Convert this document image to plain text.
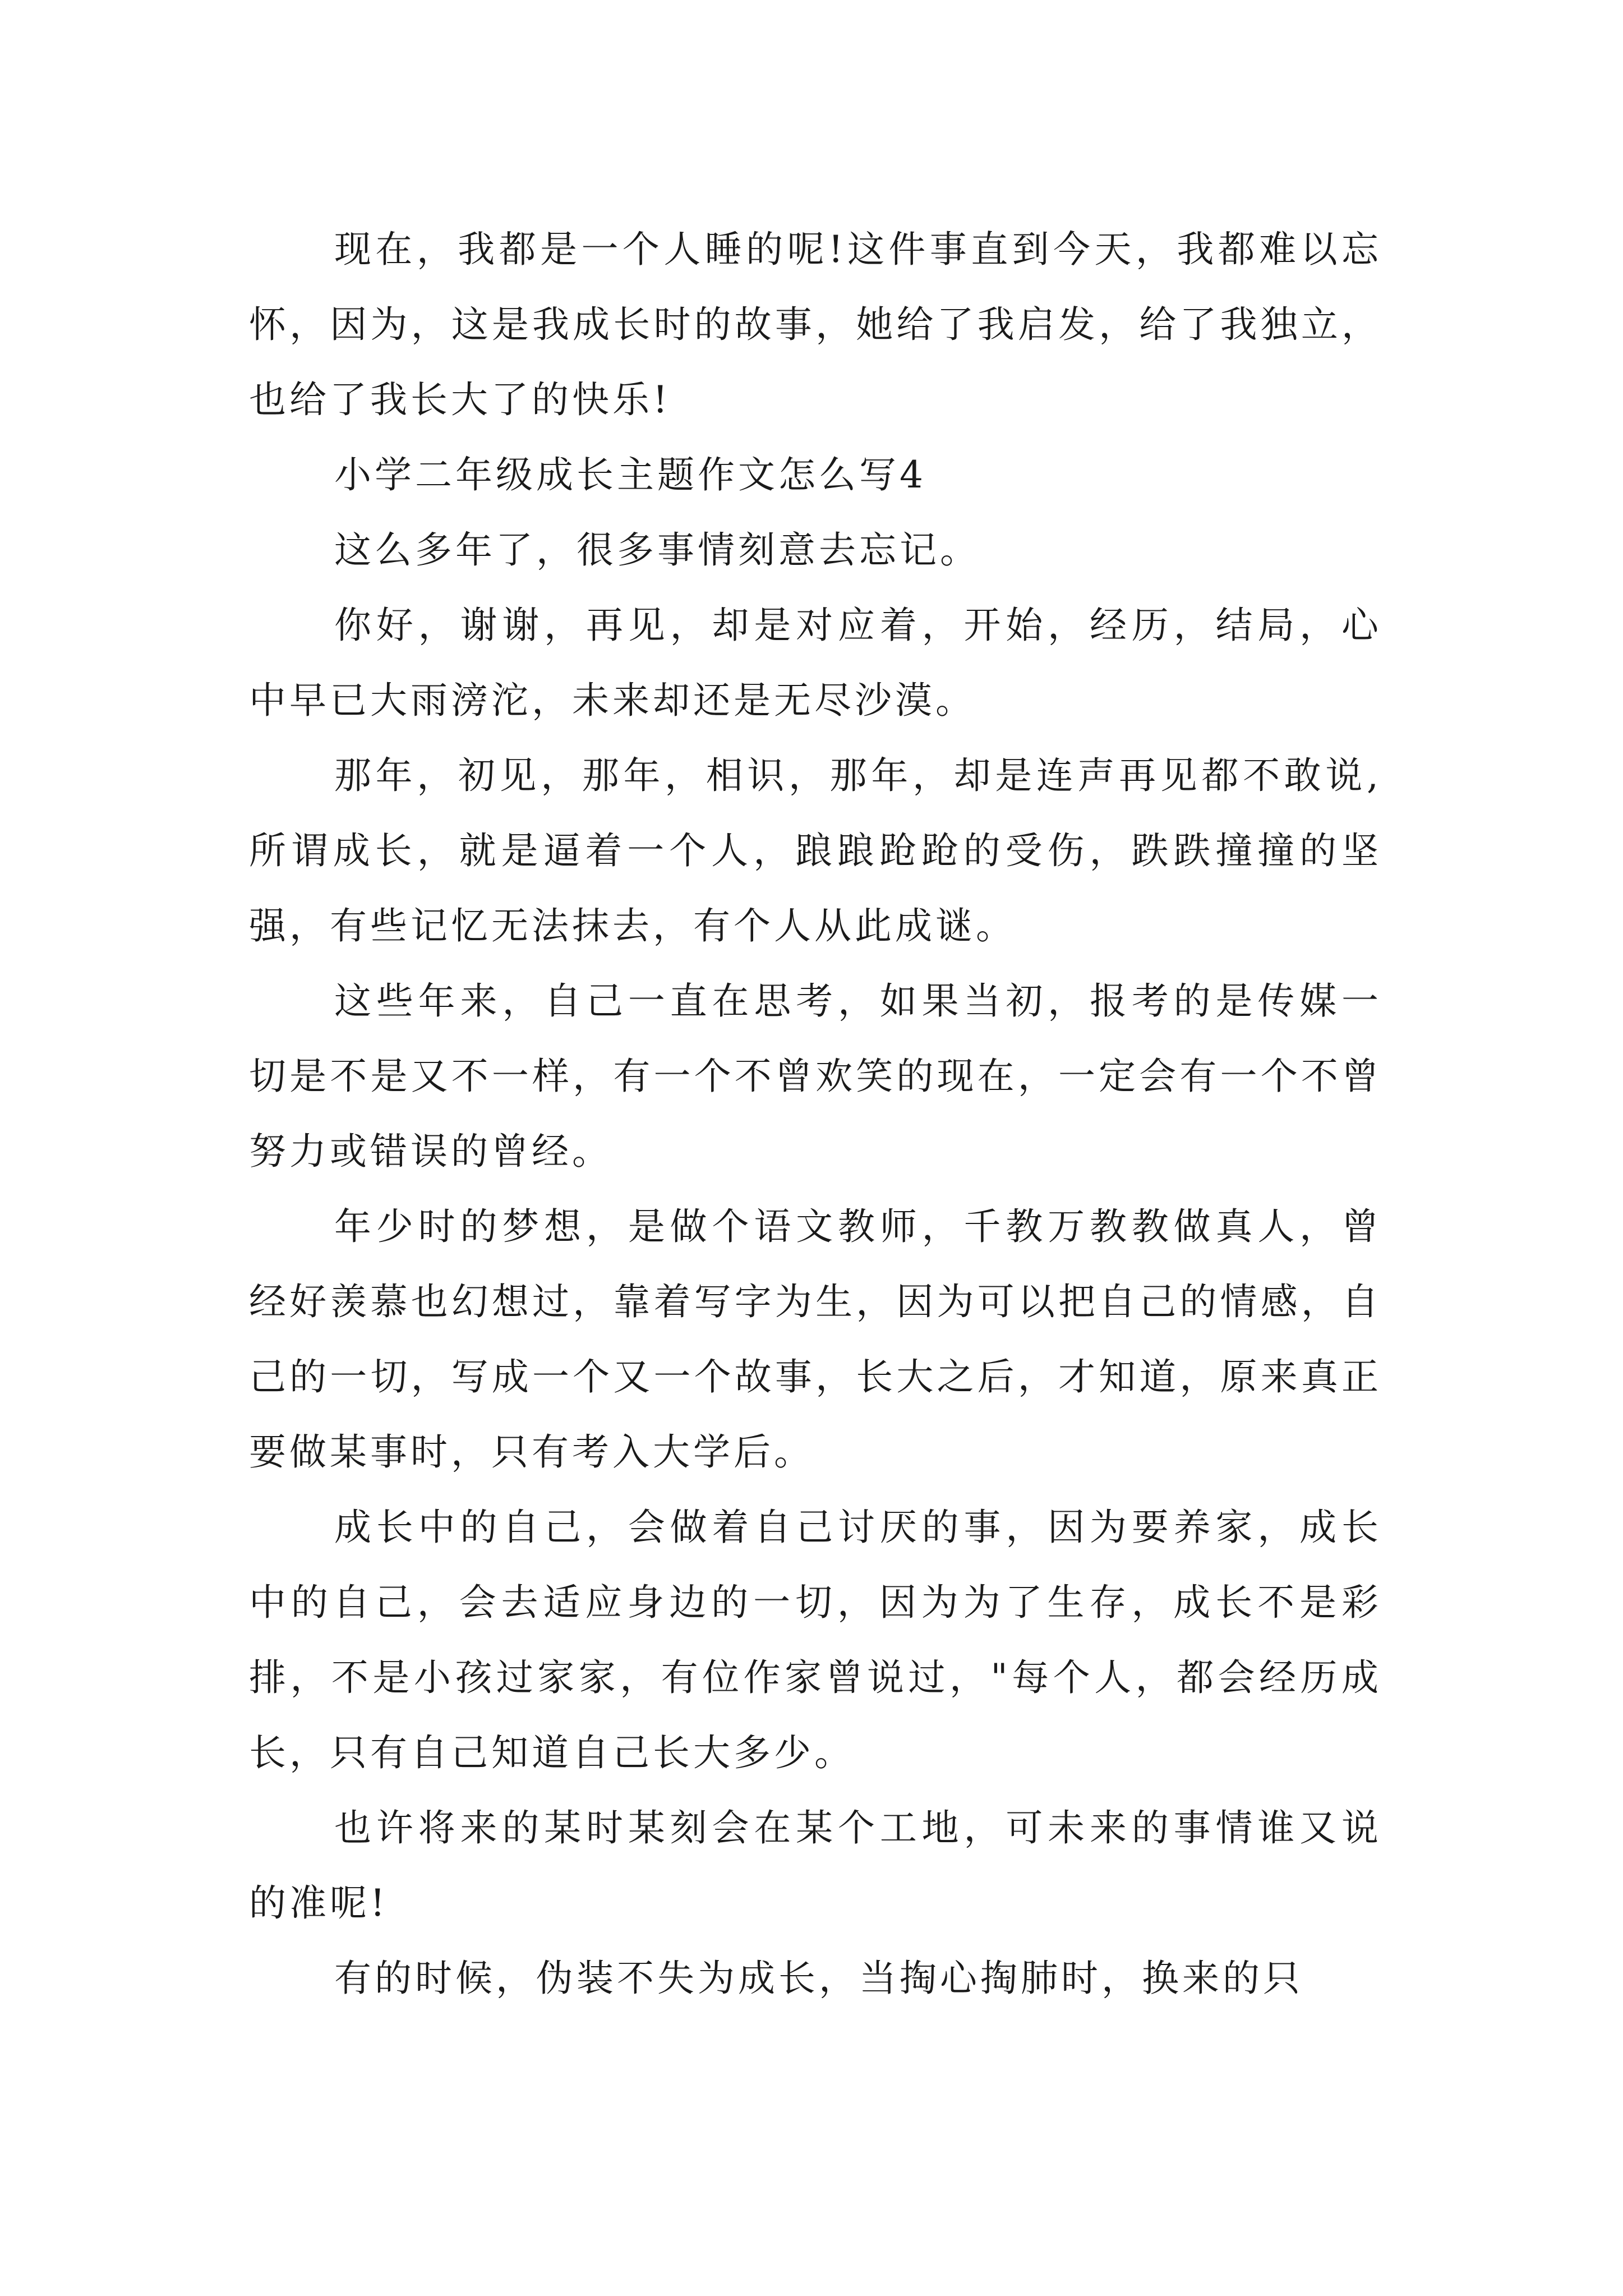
现在，我都是一个人睡的呢!这件事直到今天，我都难以忘怀，因为，这是我成长时的故事，她给了我启发，给了我独立，也给了我长大了的快乐!

小学二年级成长主题作文怎么写4

这么多年了，很多事情刻意去忘记。

你好，谢谢，再见，却是对应着，开始，经历，结局，心中早已大雨滂沱，未来却还是无尽沙漠。

那年，初见，那年，相识，那年，却是连声再见都不敢说,所谓成长，就是逼着一个人，踉踉跄跄的受伤，跌跌撞撞的坚强，有些记忆无法抹去，有个人从此成谜。

这些年来，自己一直在思考，如果当初，报考的是传媒一切是不是又不一样，有一个不曾欢笑的现在，一定会有一个不曾努力或错误的曾经。

年少时的梦想，是做个语文教师，千教万教教做真人，曾经好羡慕也幻想过，靠着写字为生，因为可以把自己的情感，自己的一切，写成一个又一个故事，长大之后，才知道，原来真正要做某事时，只有考入大学后。

成长中的自己，会做着自己讨厌的事，因为要养家，成长中的自己，会去适应身边的一切，因为为了生存，成长不是彩排，不是小孩过家家，有位作家曾说过，"每个人，都会经历成长，只有自己知道自己长大多少。

也许将来的某时某刻会在某个工地，可未来的事情谁又说的准呢!

有的时候，伪装不失为成长，当掏心掏肺时，换来的只
